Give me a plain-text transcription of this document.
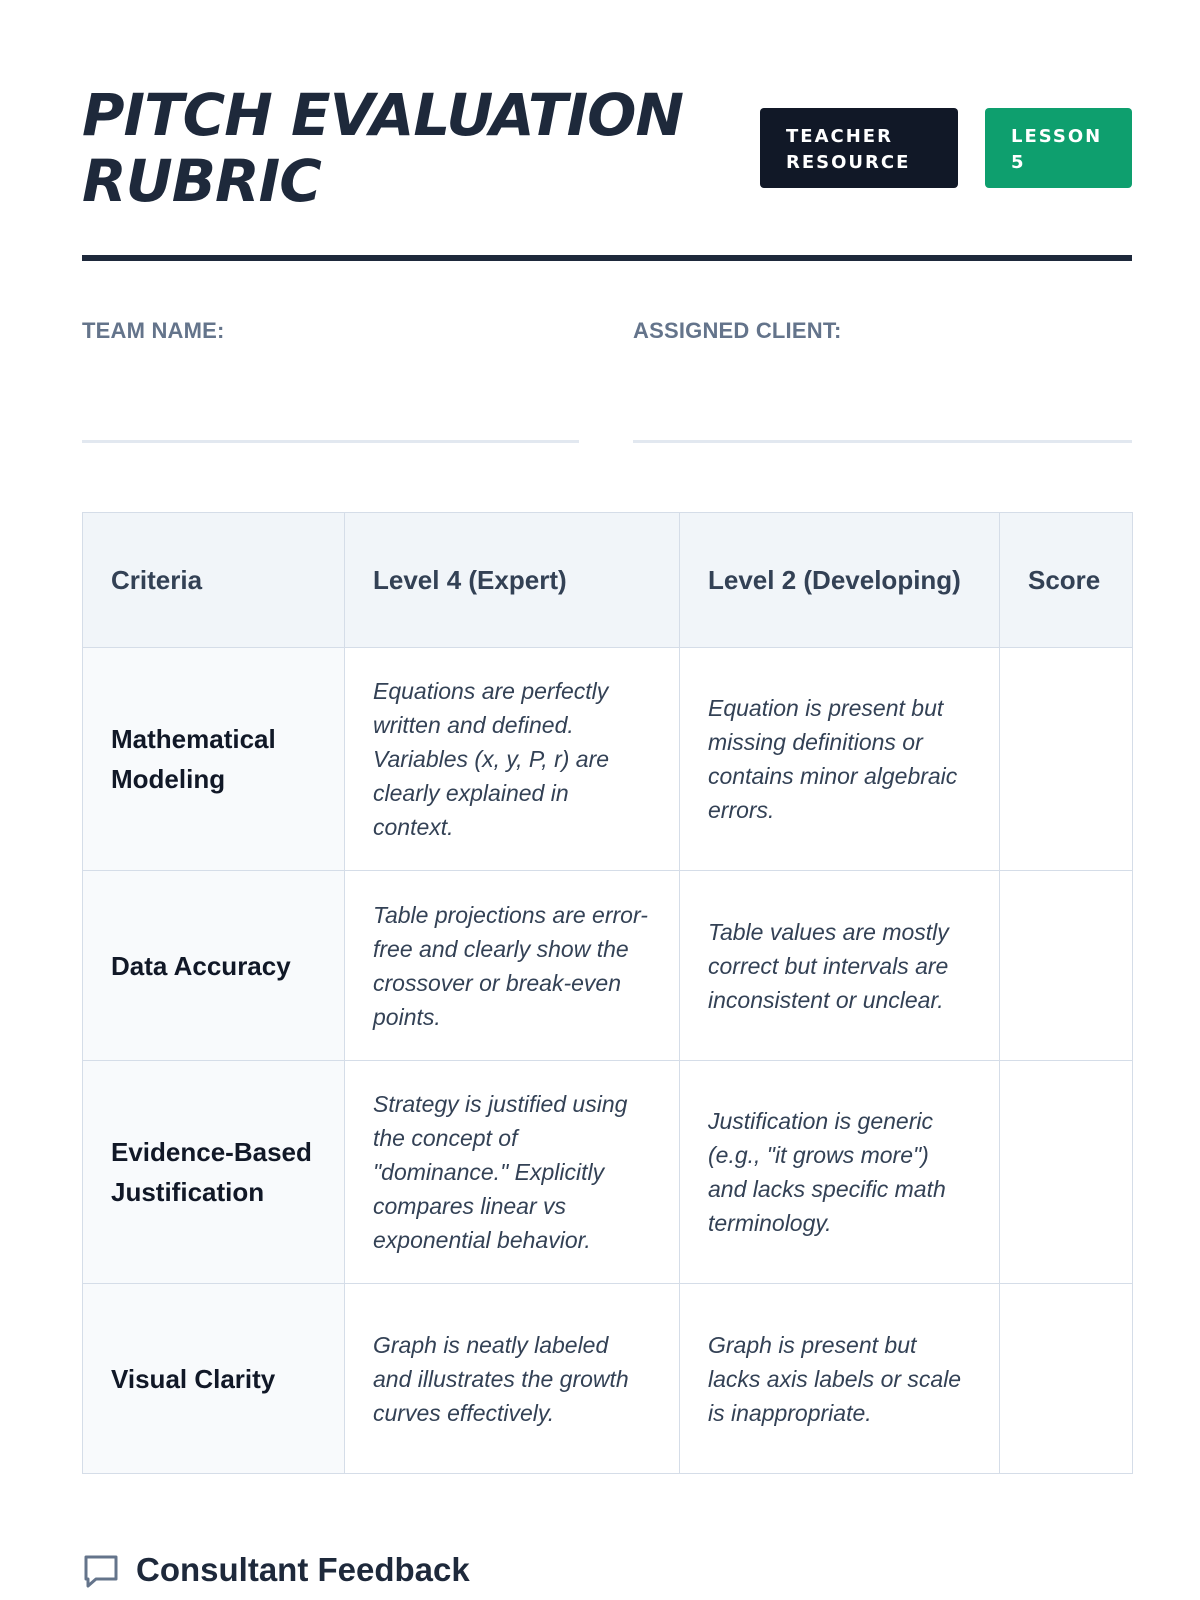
PITCH EVALUATION RUBRIC
TEACHER RESOURCE
LESSON 5
TEAM NAME:	ASSIGNED CLIENT:
Criteria	Level 4 (Expert)	Level 2 (Developing)	Score
Mathematical Modeling	Equations are perfectly written and defined. Variables (x, y, P, r) are clearly explained in context.	Equation is present but missing definitions or contains minor algebraic errors.	
Data Accuracy	Table projections are error-free and clearly show the crossover or break-even points.	Table values are mostly correct but intervals are inconsistent or unclear.	
Evidence-Based Justification	Strategy is justified using the concept of "dominance." Explicitly compares linear vs exponential behavior.	Justification is generic (e.g., "it grows more") and lacks specific math terminology.	
Visual Clarity	Graph is neatly labeled and illustrates the growth curves effectively.	Graph is present but lacks axis labels or scale is inappropriate.	
Consultant Feedback
